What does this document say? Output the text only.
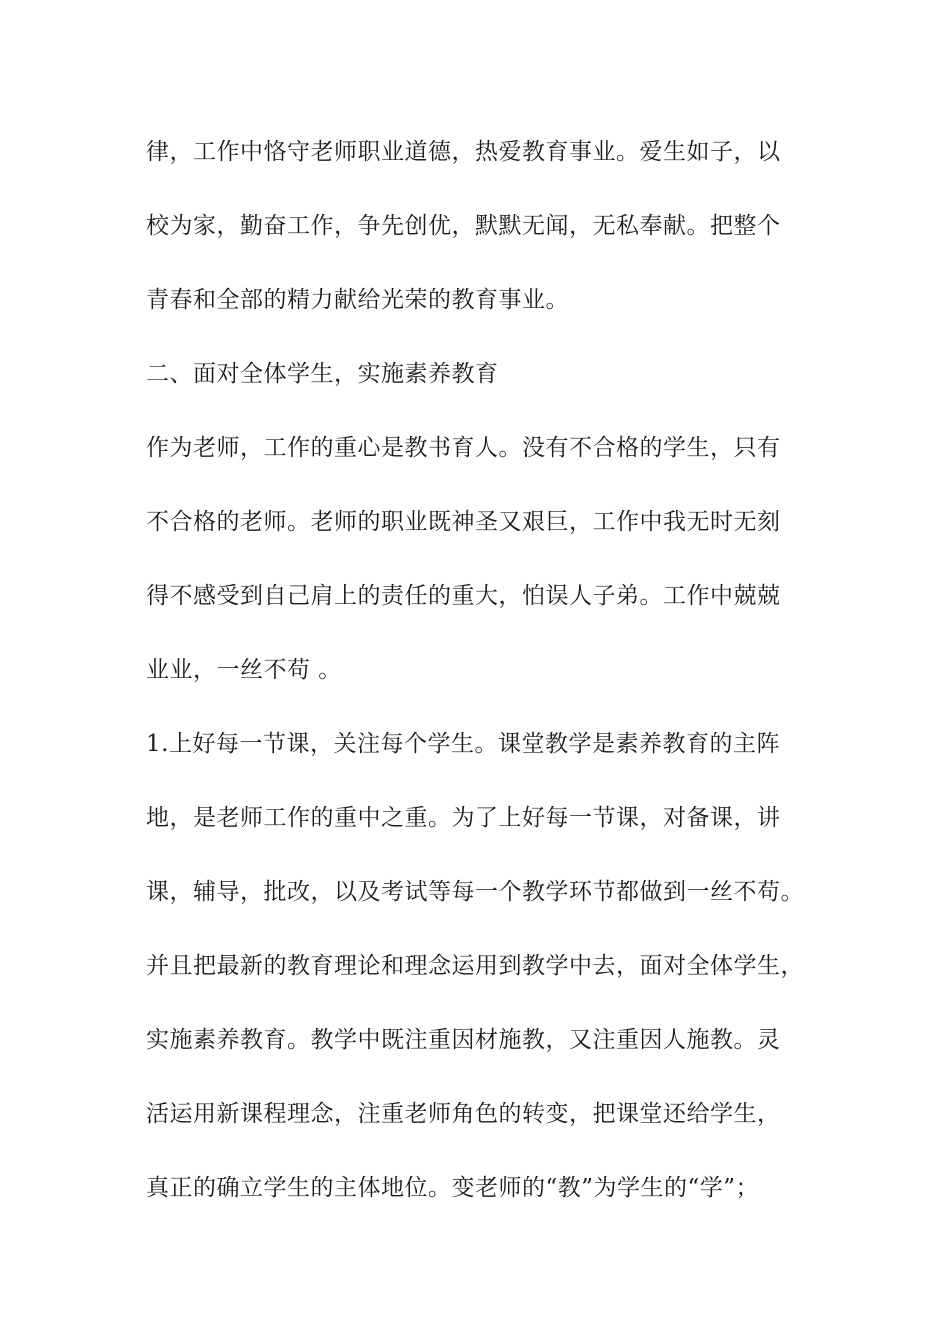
律，工作中恪守老师职业道德，热爱教育事业。爱生如子，以
校为家，勤奋工作，争先创优，默默无闻，无私奉献。把整个
青春和全部的精力献给光荣的教育事业。
二、面对全体学生，实施素养教育
作为老师，工作的重心是教书育人。没有不合格的学生，只有
不合格的老师。老师的职业既神圣又艰巨，工作中我无时无刻
得不感受到自己肩上的责任的重大，怕误人子弟。工作中兢兢
业业，一丝不苟 。
1.上好每一节课，关注每个学生。课堂教学是素养教育的主阵
地，是老师工作的重中之重。为了上好每一节课，对备课，讲
课，辅导，批改，以及考试等每一个教学环节都做到一丝不苟。
并且把最新的教育理论和理念运用到教学中去，面对全体学生，
实施素养教育。教学中既注重因材施教，又注重因人施教。灵
活运用新课程理念，注重老师角色的转变，把课堂还给学生，
真正的确立学生的主体地位。变老师的“教”为学生的“学”；
